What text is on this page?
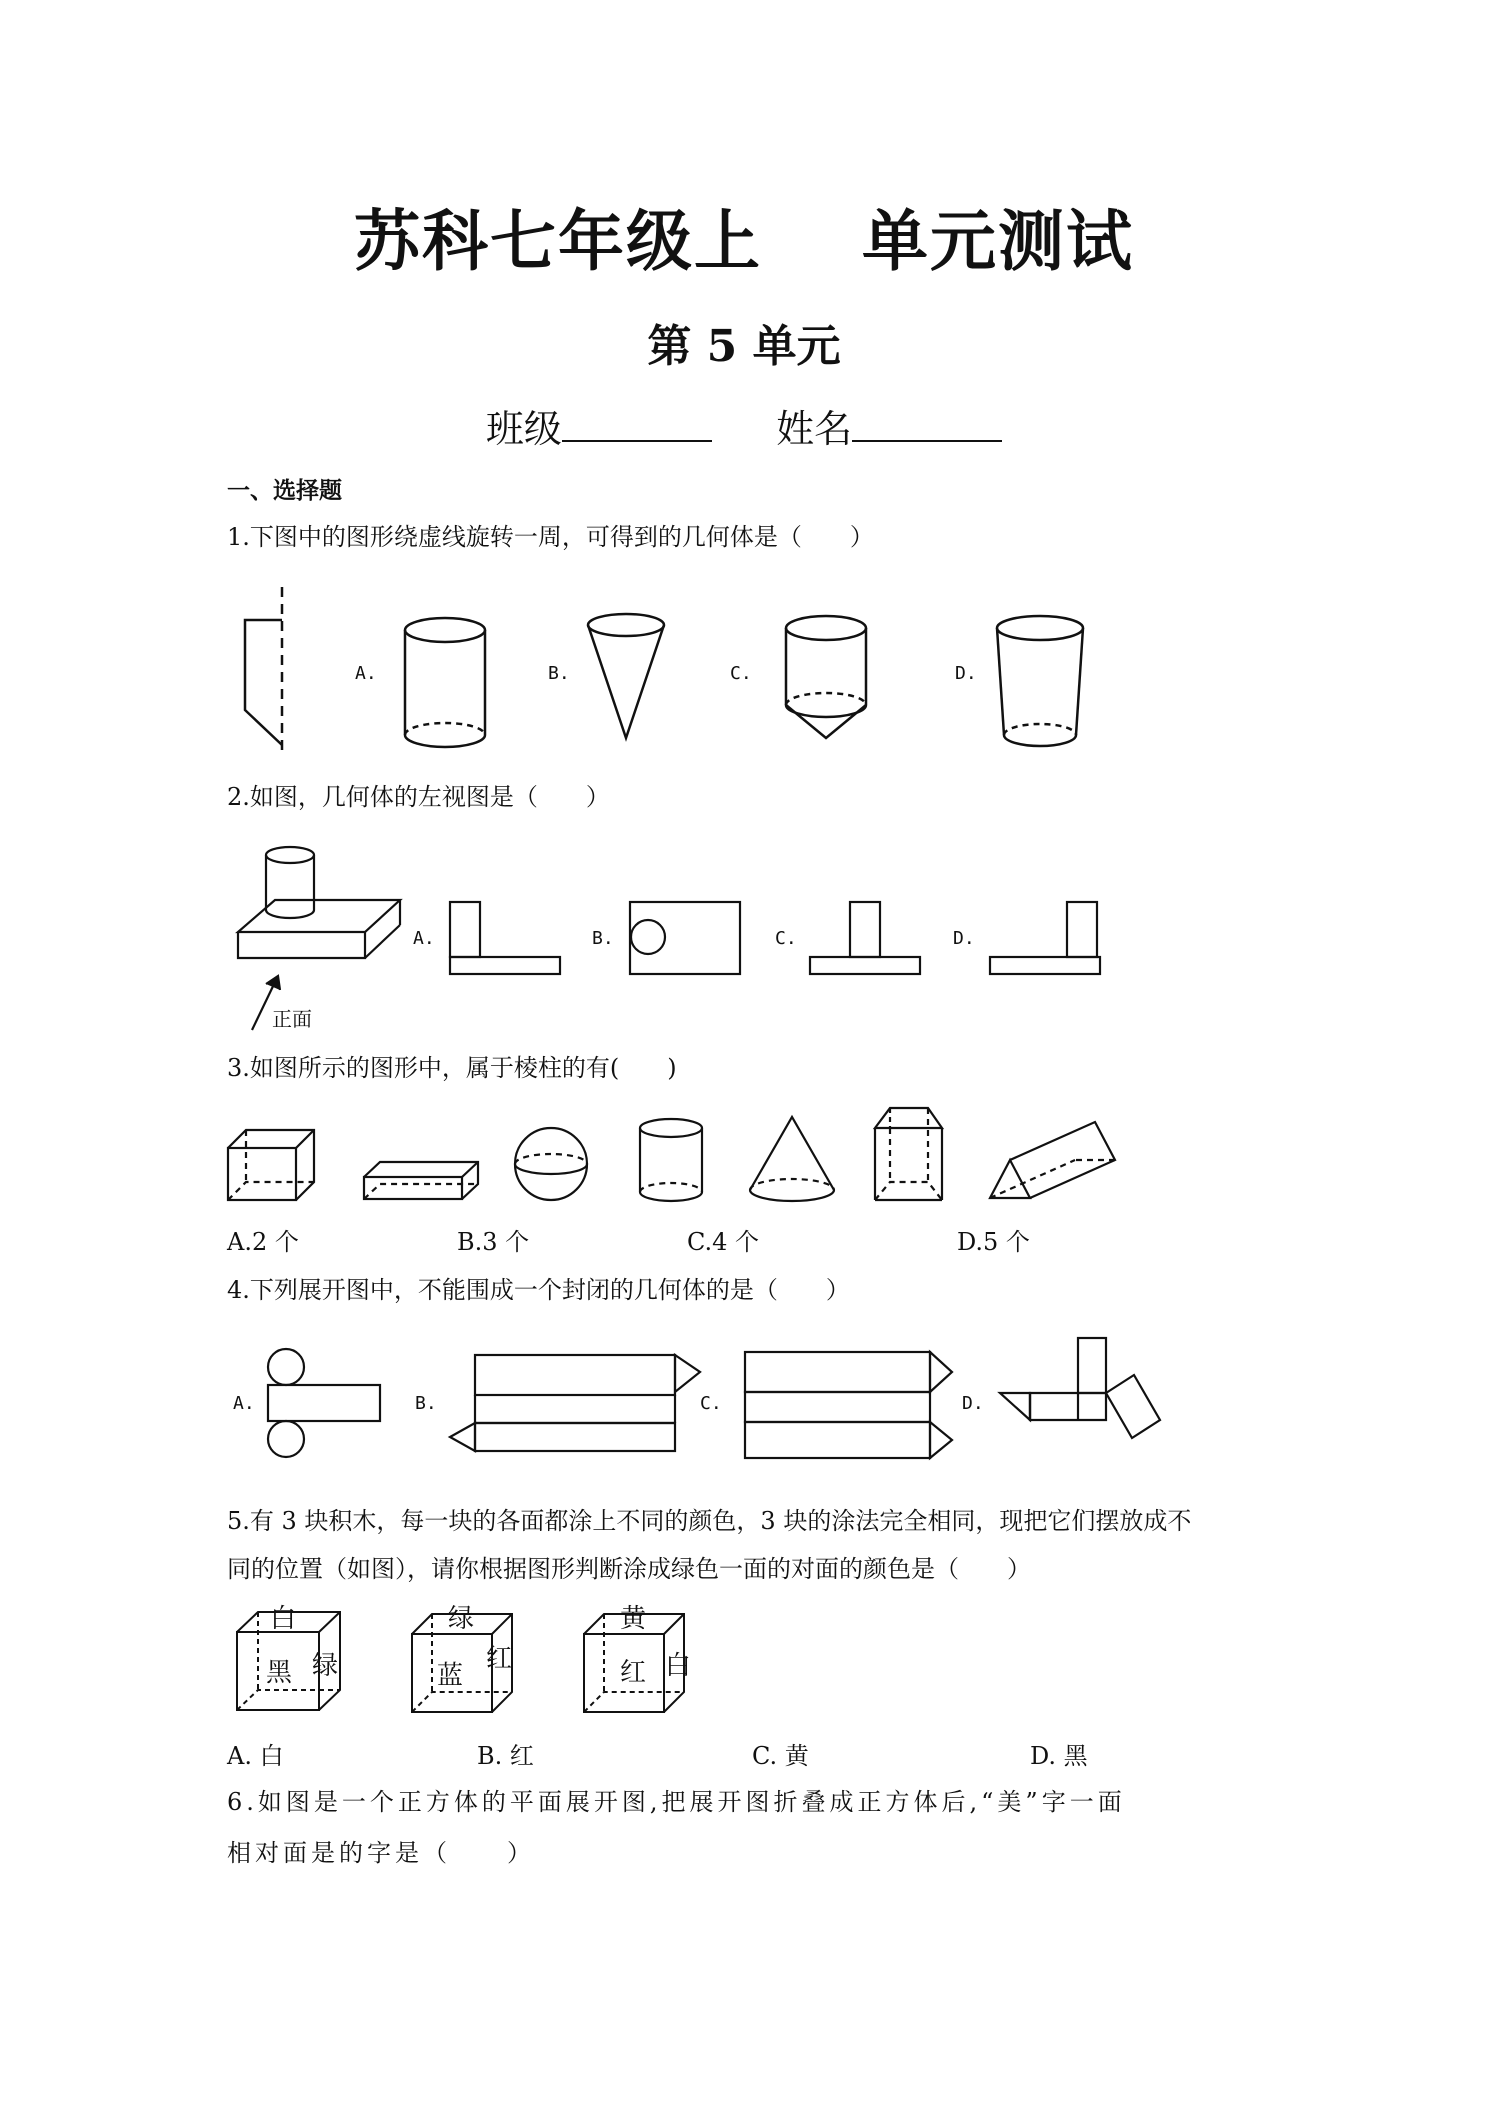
苏科七年级上 单元测试
第 5 单元
班级	姓名
一、选择题
1.下图中的图形绕虚线旋转一周，可得到的几何体是（　　）
A.	B.	C.	D.
2.如图，几何体的左视图是（　　）
正面
A.	B.	C.	D.
3.如图所示的图形中，属于棱柱的有(　　)
A.2 个	B.3 个	C.4 个	D.5 个
4.下列展开图中，不能围成一个封闭的几何体的是（　　）
A.	B.	C.	D.
5.有 3 块积木，每一块的各面都涂上不同的颜色，3 块的涂法完全相同，现把它们摆放成不
同的位置（如图），请你根据图形判断涂成绿色一面的对面的颜色是（　　）
白
黑 绿
绿
蓝
红
黄
红 白
A. 白	B. 红	C. 黄	D. 黑
6.如图是一个正方体的平面展开图,把展开图折叠成正方体后,“美”字一面
相对面是的字是（　　）
